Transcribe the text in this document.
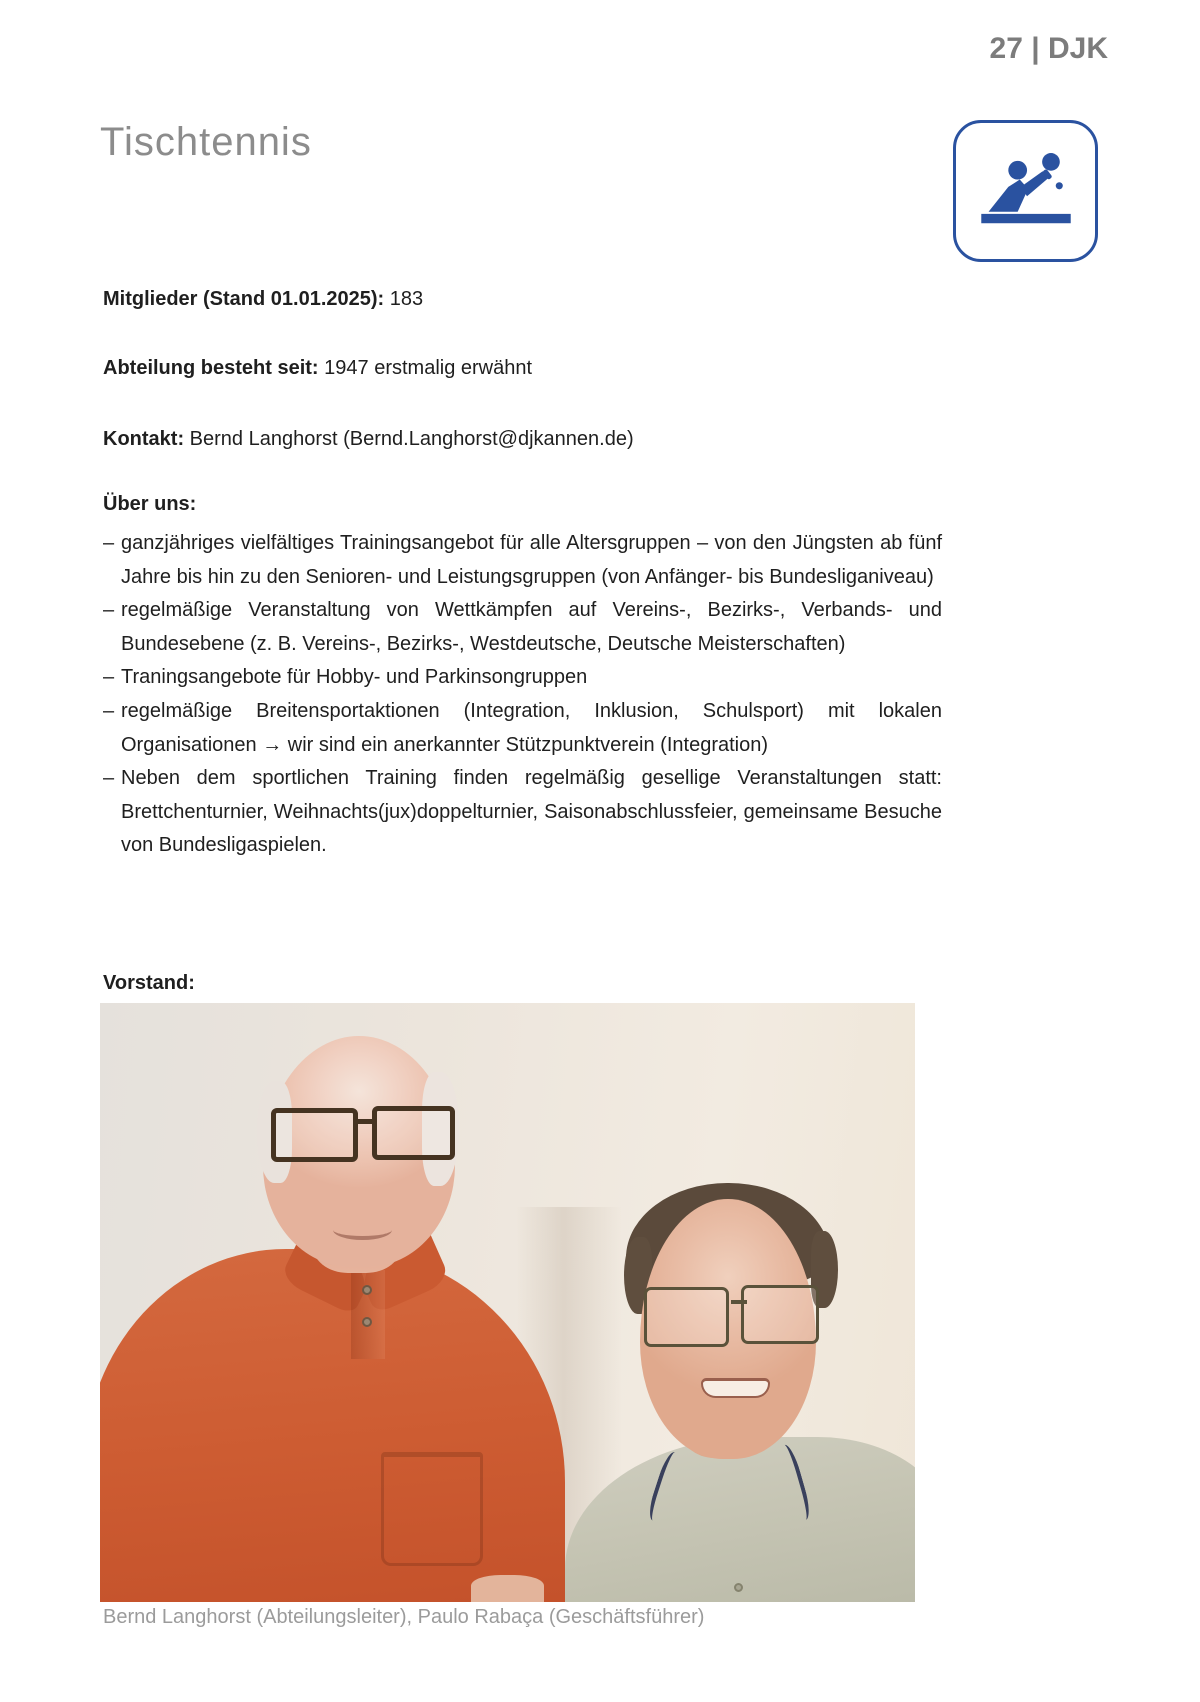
27 | DJK
Tischtennis

Mitglieder (Stand 01.01.2025): 183

Abteilung besteht seit: 1947 erstmalig erwähnt

Kontakt: Bernd Langhorst (Bernd.Langhorst@djkannen.de)

Über uns:
– ganzjähriges vielfältiges Trainingsangebot für alle Altersgruppen – von den Jüngsten ab fünf Jahre bis hin zu den Senioren- und Leistungsgruppen (von Anfänger- bis Bundesliganiveau)
– regelmäßige Veranstaltung von Wettkämpfen auf Vereins-, Bezirks-, Verbands- und Bundesebene (z. B. Vereins-, Bezirks-, Westdeutsche, Deutsche Meisterschaften)
– Traningsangebote für Hobby- und Parkinsongruppen
– regelmäßige Breitensportaktionen (Integration, Inklusion, Schulsport) mit lokalen Organisationen → wir sind ein anerkannter Stützpunktverein (Integration)
– Neben dem sportlichen Training finden regelmäßig gesellige Veranstaltungen statt: Brettchenturnier, Weihnachts(jux)doppelturnier, Saisonabschlussfeier, gemeinsame Besuche von Bundesligaspielen.
Vorstand:

Bernd Langhorst (Abteilungsleiter), Paulo Rabaça (Geschäftsführer)
